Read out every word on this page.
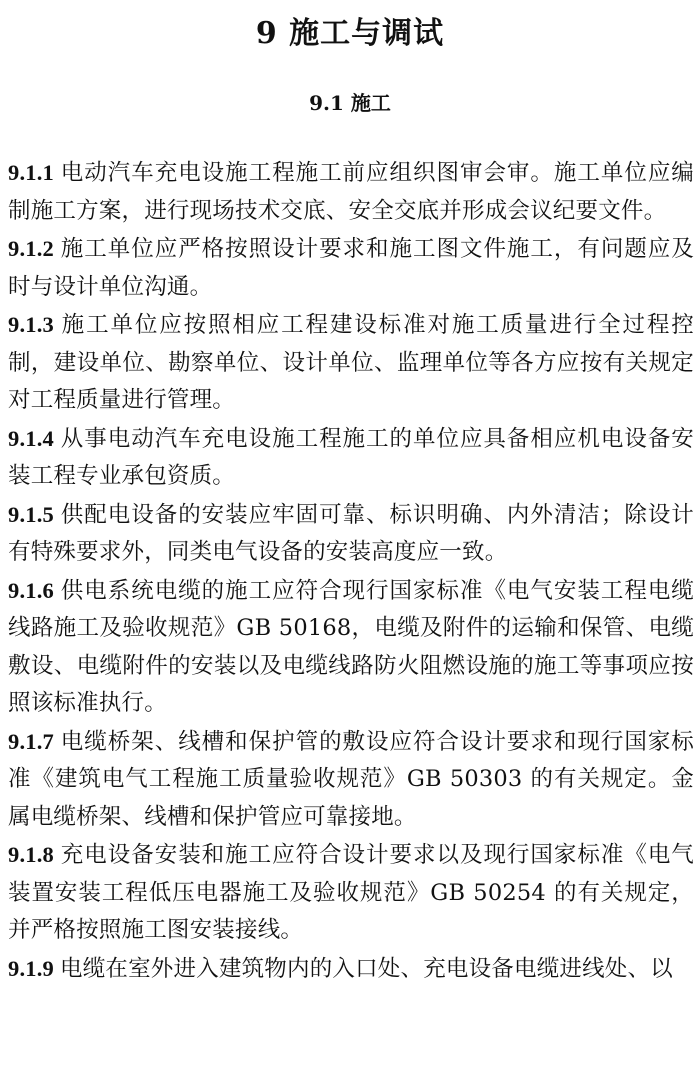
9 施工与调试
9.1 施工

9.1.1 电动汽车充电设施工程施工前应组织图审会审。施工单位应编制施工方案，进行现场技术交底、安全交底并形成会议纪要文件。

9.1.2 施工单位应严格按照设计要求和施工图文件施工，有问题应及时与设计单位沟通。

9.1.3 施工单位应按照相应工程建设标准对施工质量进行全过程控制，建设单位、勘察单位、设计单位、监理单位等各方应按有关规定对工程质量进行管理。

9.1.4 从事电动汽车充电设施工程施工的单位应具备相应机电设备安装工程专业承包资质。

9.1.5 供配电设备的安装应牢固可靠、标识明确、内外清洁；除设计有特殊要求外，同类电气设备的安装高度应一致。

9.1.6 供电系统电缆的施工应符合现行国家标准《电气安装工程电缆线路施工及验收规范》GB 50168，电缆及附件的运输和保管、电缆敷设、电缆附件的安装以及电缆线路防火阻燃设施的施工等事项应按照该标准执行。

9.1.7 电缆桥架、线槽和保护管的敷设应符合设计要求和现行国家标准《建筑电气工程施工质量验收规范》GB 50303 的有关规定。金属电缆桥架、线槽和保护管应可靠接地。

9.1.8 充电设备安装和施工应符合设计要求以及现行国家标准《电气装置安装工程低压电器施工及验收规范》GB 50254 的有关规定，并严格按照施工图安装接线。

9.1.9 电缆在室外进入建筑物内的入口处、充电设备电缆进线处、以
